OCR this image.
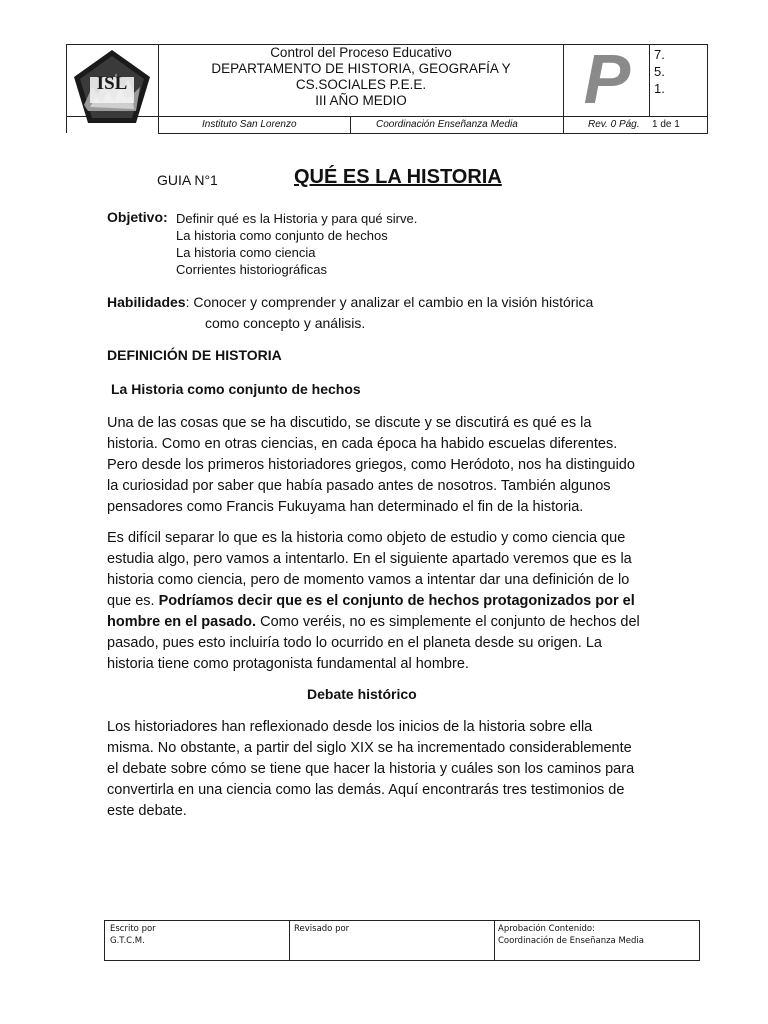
ISL
Control del Proceso Educativo
DEPARTAMENTO DE HISTORIA, GEOGRAFÍA Y
CS.SOCIALES P.E.E.
III AÑO MEDIO	P	7.
5.
1.
Instituto San Lorenzo	Coordinación Enseñanza Media	Rev. 0 Pág. 1 de 1
GUIA N°1	QUÉ ES LA HISTORIA
Objetivo: Definir qué es la Historia y para qué sirve.
La historia como conjunto de hechos
La historia como ciencia
Corrientes historiográficas
Habilidades: Conocer y comprender y analizar el cambio en la visión histórica
como concepto y análisis.
DEFINICIÓN DE HISTORIA
La Historia como conjunto de hechos
Una de las cosas que se ha discutido, se discute y se discutirá es qué es la
historia. Como en otras ciencias, en cada época ha habido escuelas diferentes.
Pero desde los primeros historiadores griegos, como Heródoto, nos ha distinguido
la curiosidad por saber que había pasado antes de nosotros. También algunos
pensadores como Francis Fukuyama han determinado el fin de la historia.
Es difícil separar lo que es la historia como objeto de estudio y como ciencia que
estudia algo, pero vamos a intentarlo. En el siguiente apartado veremos que es la
historia como ciencia, pero de momento vamos a intentar dar una definición de lo
que es. Podríamos decir que es el conjunto de hechos protagonizados por el
hombre en el pasado. Como veréis, no es simplemente el conjunto de hechos del
pasado, pues esto incluiría todo lo ocurrido en el planeta desde su origen. La
historia tiene como protagonista fundamental al hombre.
Debate histórico
Los historiadores han reflexionado desde los inicios de la historia sobre ella
misma. No obstante, a partir del siglo XIX se ha incrementado considerablemente
el debate sobre cómo se tiene que hacer la historia y cuáles son los caminos para
convertirla en una ciencia como las demás. Aquí encontrarás tres testimonios de
este debate.
Escrito por
G.T.C.M.
Revisado por	Aprobación Contenido:
Coordinación de Enseñanza Media
